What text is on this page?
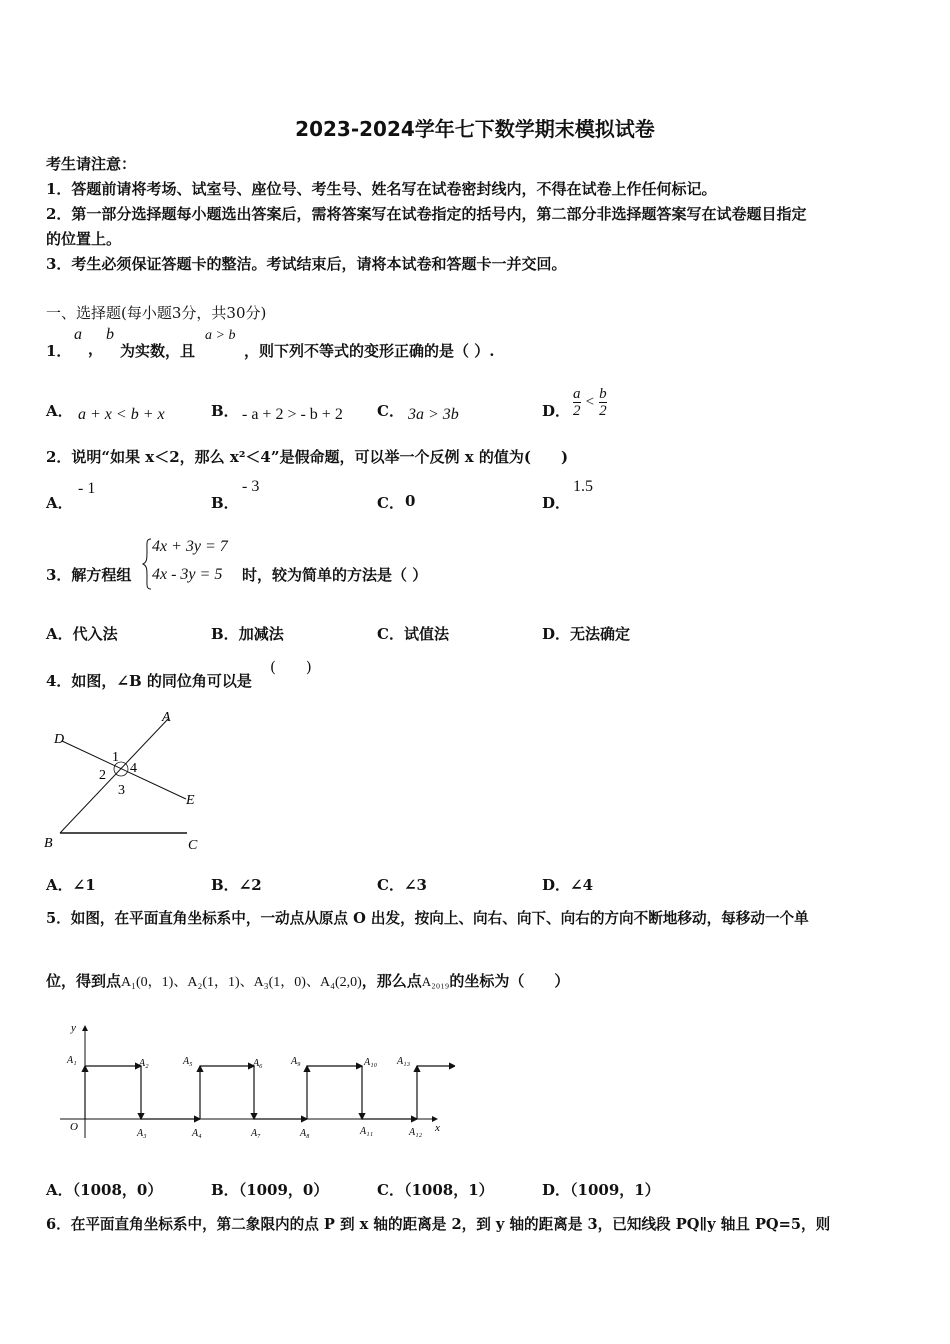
2023-2024学年七下数学期末模拟试卷
考生请注意：
1．答题前请将考场、试室号、座位号、考生号、姓名写在试卷密封线内，不得在试卷上作任何标记。
2．第一部分选择题每小题选出答案后，需将答案写在试卷指定的括号内，第二部分非选择题答案写在试卷题目指定
的位置上。
3．考生必须保证答题卡的整洁。考试结束后，请将本试卷和答题卡一并交回。
一、选择题(每小题3分，共30分)
1．
a
，
b
为实数，且
a > b
，则下列不等式的变形正确的是（ ）.
A． a + x < b + x	B． - a + 2 > - b + 2 C． 3a > 3b	D． $\frac{a}{2} < \frac{b}{2}$
2．说明“如果 x＜2，那么 x²＜4”是假命题，可以举一个反例 x 的值为(　　)
A．
- 1
B．
- 3
C． 0	D．
1.5
3．解方程组
4x + 3y = 7
4x - 3y = 5 时，较为简单的方法是（ ）
A．代入法	B．加减法	C．试值法	D．无法确定
4．如图，∠B 的同位角可以是
(　　)
A
B	C
D
E
1
2
3
4
A．∠1	B．∠2	C．∠3	D．∠4
5．如图，在平面直角坐标系中，一动点从原点 O 出发，按向上、向右、向下、向右的方向不断地移动，每移动一个单
位，得到点A₁(0，1)、A₂(1，1)、A₃(1，0)、A₄(2,0)，那么点A₂₀₁₉的坐标为（　　）
y
x
O
A₁	A₂
A₃	A₄
A₅	A₆
A₇	A₈
A₉	A₁₀
A₁₁	A₁₂
A₁₃
A．（1008，0）	B．（1009，0）	C．（1008，1）	D．（1009，1）
6．在平面直角坐标系中，第二象限内的点 P 到 x 轴的距离是 2，到 y 轴的距离是 3，已知线段 PQ∥y 轴且 PQ=5，则
